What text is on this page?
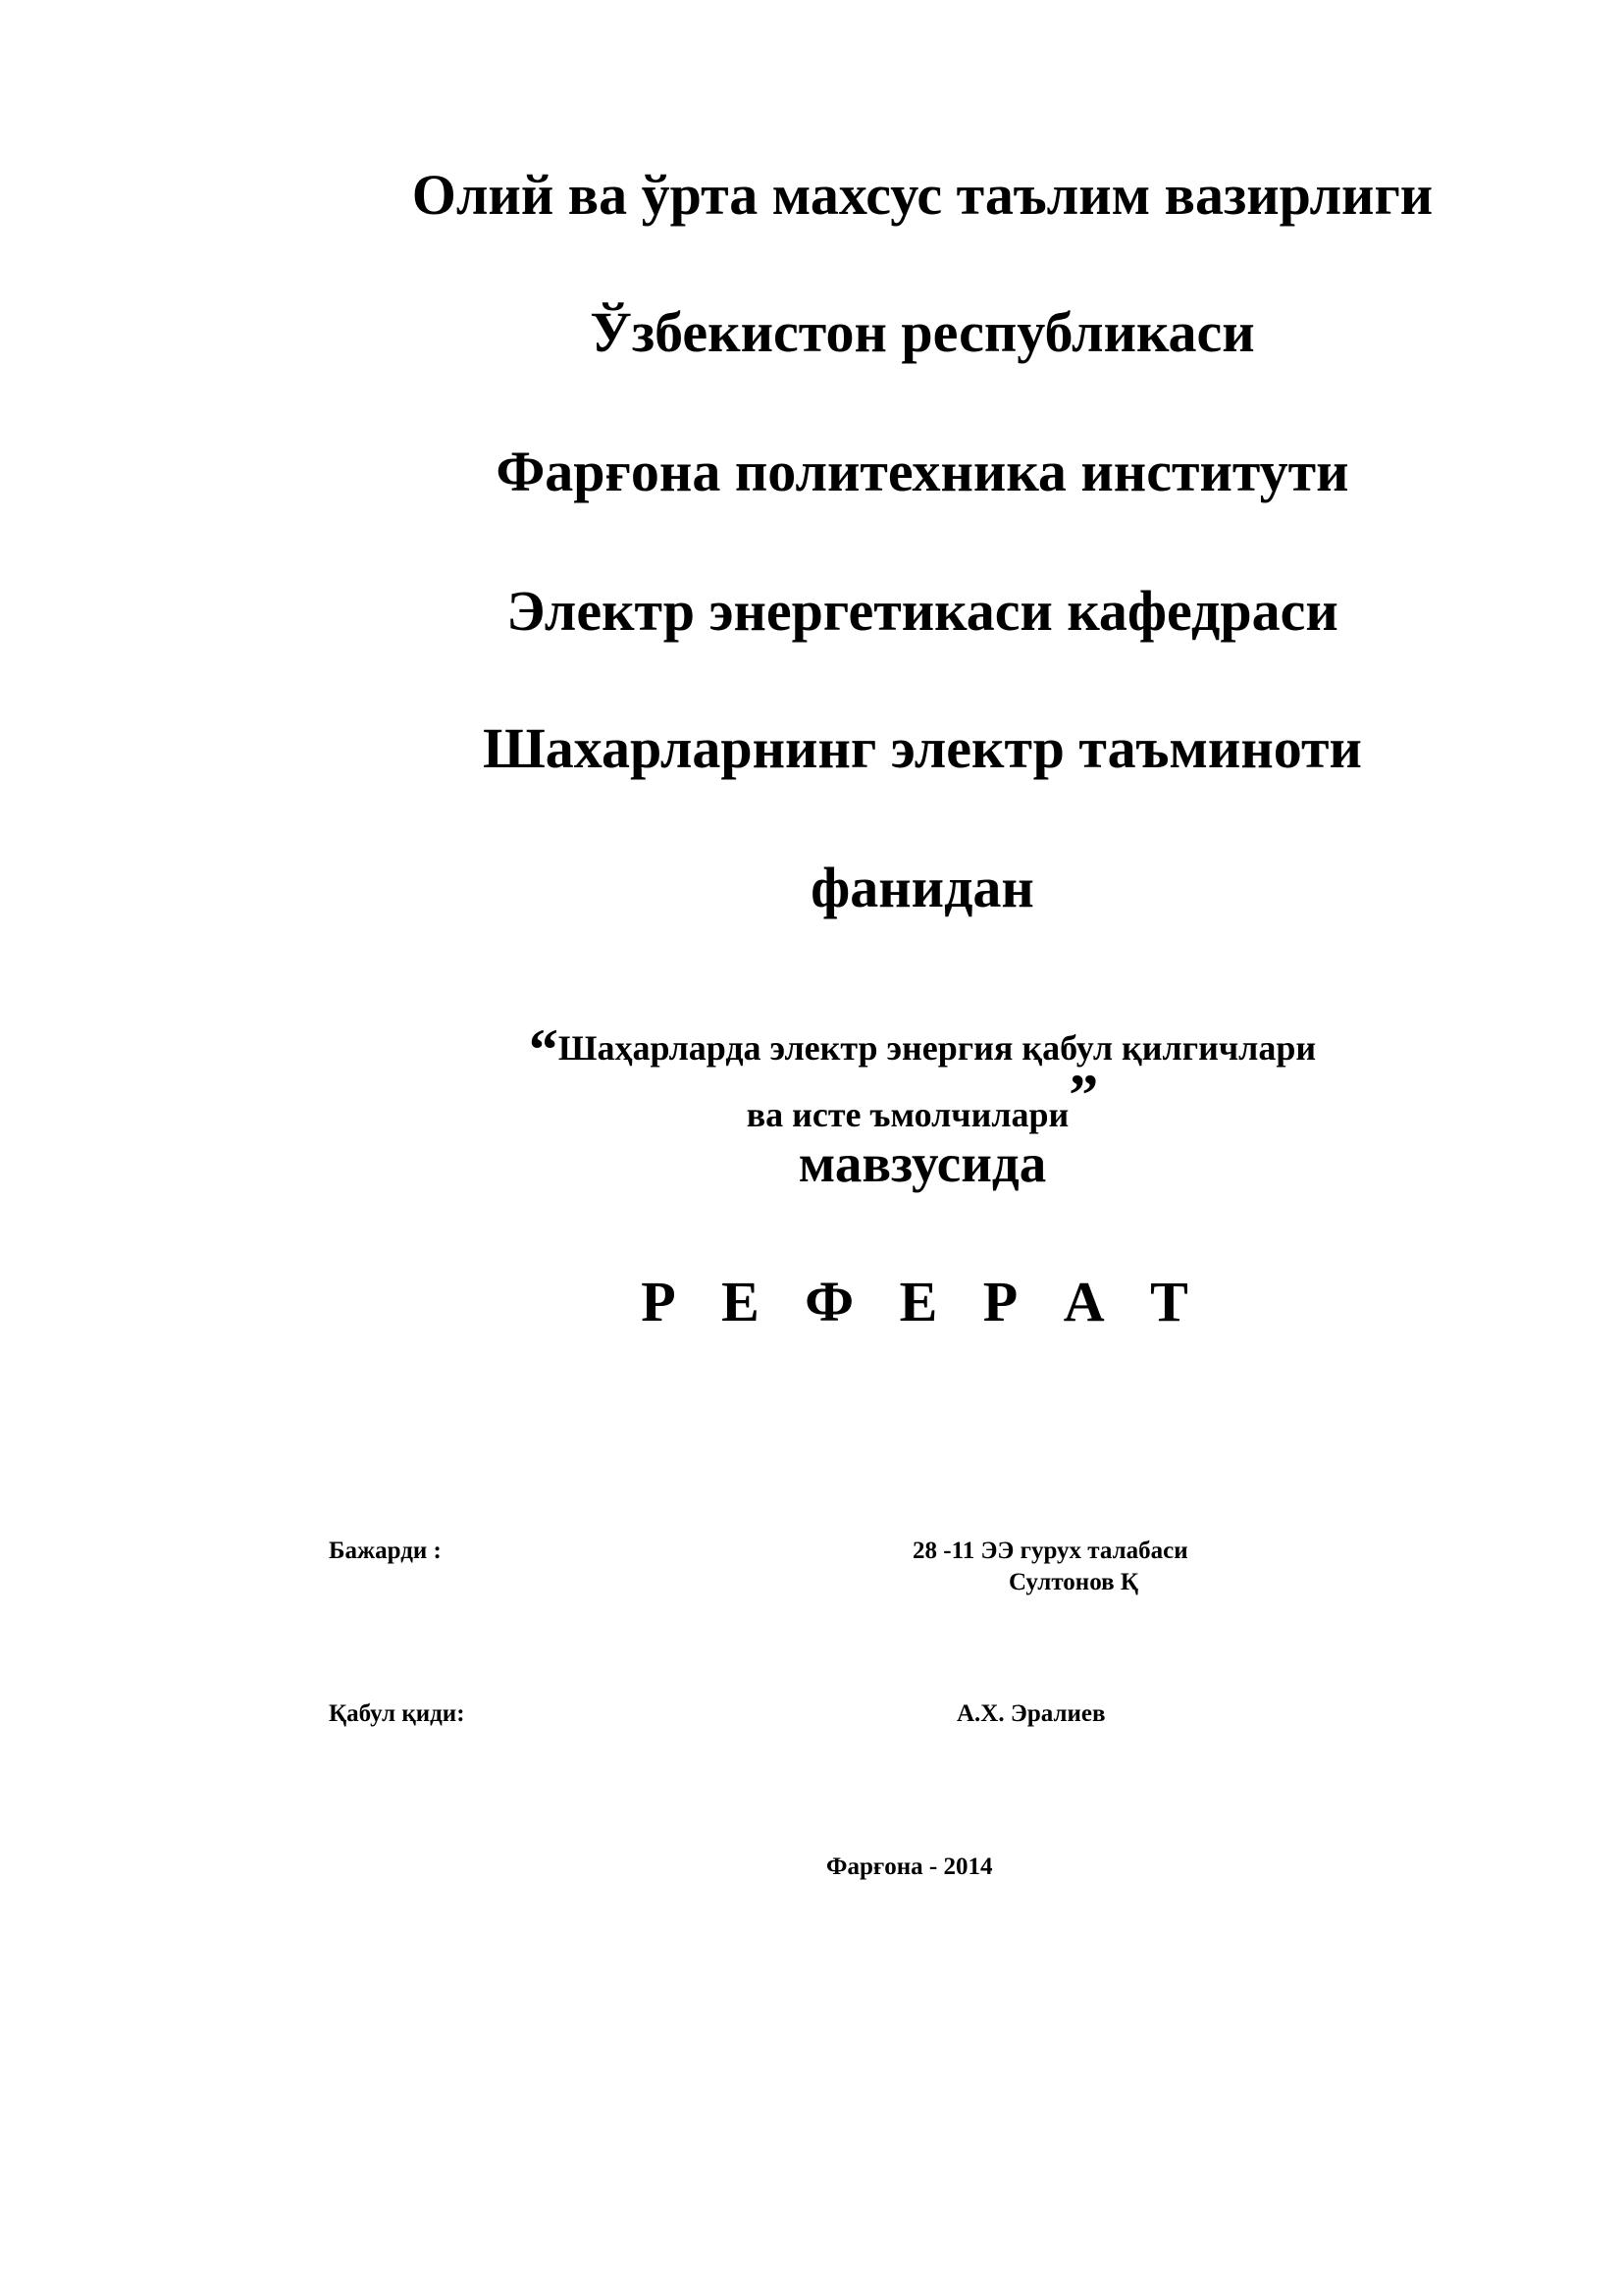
Олий ва ўрта махсус таълим вазирлиги
Ўзбекистон республикаси
Фарғона политехника институти
Электр энергетикаси кафедраси
Шахарларнинг электр таъминоти
фанидан
“Шаҳарларда электр энергия қабул қилгичлари
ва исте ъмолчилари”
мавзусида
Р Е Ф Е Р А Т
Бажарди :	28 -11 ЭЭ гурух талабаси
Султонов Қ
Қабул қиди:	А.Х. Эралиев
Фарғона - 2014
